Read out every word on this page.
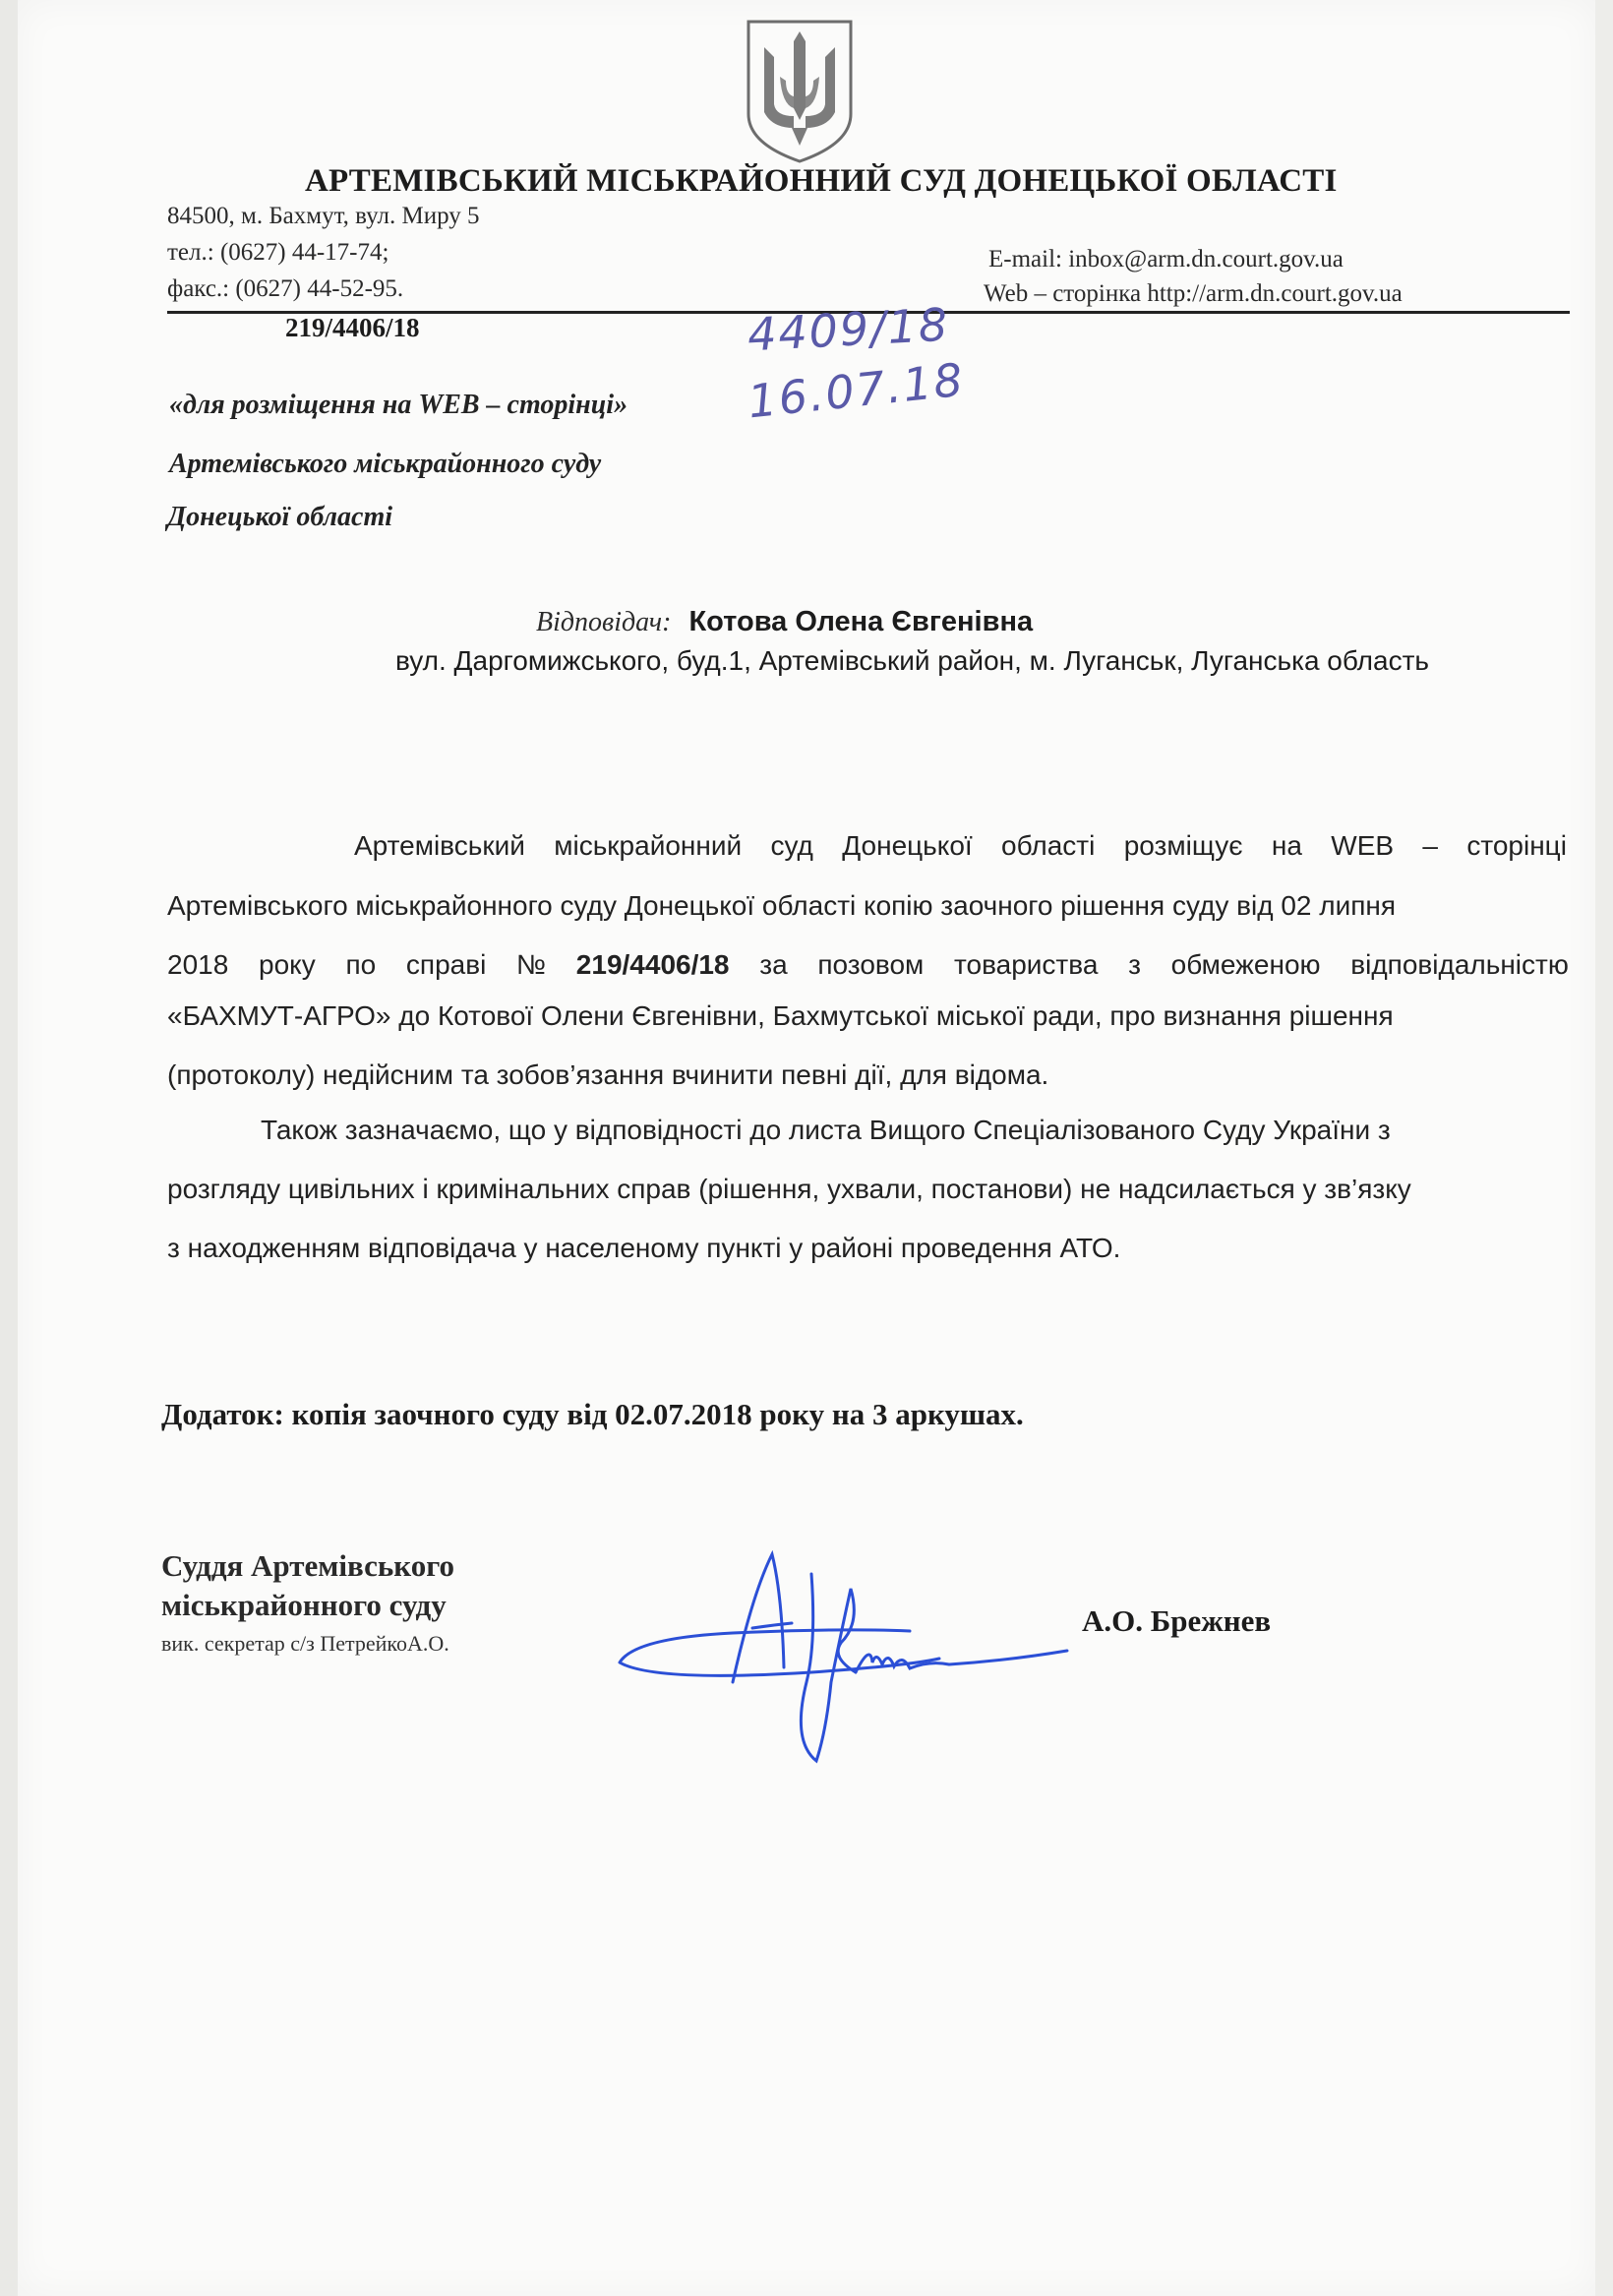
АРТЕМІВСЬКИЙ МІСЬКРАЙОННИЙ СУД ДОНЕЦЬКОЇ ОБЛАСТІ
84500, м. Бахмут, вул. Миру 5
тел.: (0627) 44-17-74;
факс.: (0627) 44-52-95.
E-mail: inbox@arm.dn.court.gov.ua
Web – сторінка http://arm.dn.court.gov.ua
219/4406/18	4409/18
«для розміщення на WEB – сторінці»	16.07.18
Артемівського міськрайонного суду
Донецької області
Відповідач: Котова Олена Євгенівна
вул. Даргомижського, буд.1, Артемівський район, м. Луганськ, Луганська область
Артемівський міськрайонний суд Донецької області розміщує на WEB – сторінці
Артемівського міськрайонного суду Донецької області копію заочного рішення суду від 02 липня
2018 року по справі № 219/4406/18 за позовом товариства з обмеженою відповідальністю
«БАХМУТ-АГРО» до Котової Олени Євгенівни, Бахмутської міської ради, про визнання рішення
(протоколу) недійсним та зобов’язання вчинити певні дії, для відома.
Також зазначаємо, що у відповідності до листа Вищого Спеціалізованого Суду України з
розгляду цивільних і кримінальних справ (рішення, ухвали, постанови) не надсилається у зв’язку
з находженням відповідача у населеному пункті у районі проведення АТО.
Додаток: копія заочного суду від 02.07.2018 року на 3 аркушах.
Суддя Артемівського
міськрайонного суду
вик. секретар с/з ПетрейкоА.О.
А.О. Брежнев
